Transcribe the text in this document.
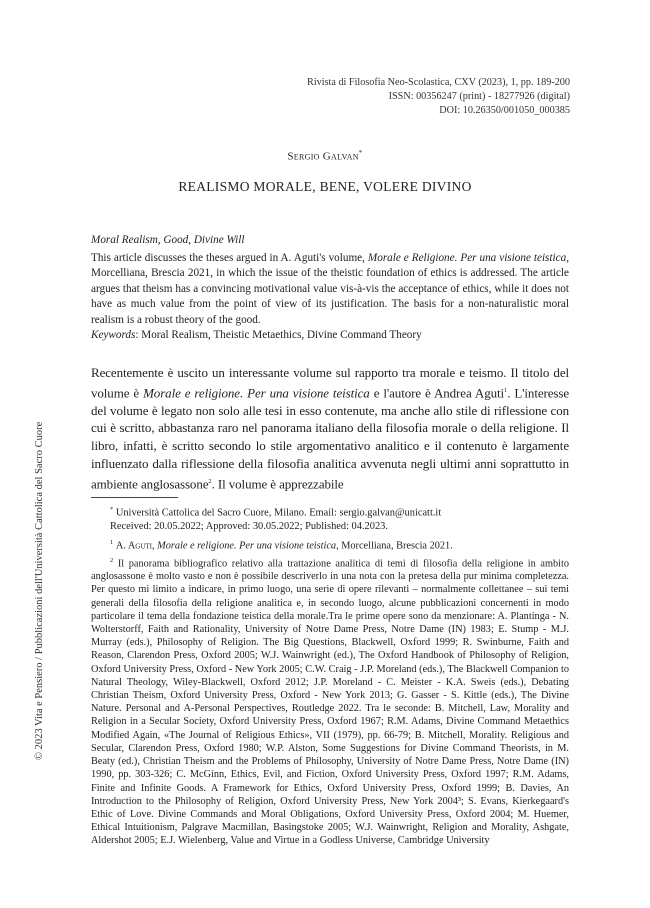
Rivista di Filosofia Neo-Scolastica, CXV (2023), 1, pp. 189-200
ISSN: 00356247 (print) - 18277926 (digital)
DOI: 10.26350/001050_000385
Sergio Galvan*
REALISMO MORALE, BENE, VOLERE DIVINO
Moral Realism, Good, Divine Will
This article discusses the theses argued in A. Aguti's volume, Morale e Religione. Per una visione teistica, Morcelliana, Brescia 2021, in which the issue of the theistic foundation of ethics is addressed. The article argues that theism has a convincing motivational value vis-à-vis the acceptance of ethics, while it does not have as much value from the point of view of its justification. The basis for a non-naturalistic moral realism is a robust theory of the good.
Keywords: Moral Realism, Theistic Metaethics, Divine Command Theory
Recentemente è uscito un interessante volume sul rapporto tra morale e teismo. Il titolo del volume è Morale e religione. Per una visione teistica e l'autore è Andrea Aguti$^1$. L'interesse del volume è legato non solo alle tesi in esso contenute, ma anche allo stile di riflessione con cui è scritto, abbastanza raro nel panorama italiano della filosofia morale o della religione. Il libro, infatti, è scritto secondo lo stile argomentativo analitico e il contenuto è largamente influenzato dalla riflessione della filosofia analitica avvenuta negli ultimi anni soprattutto in ambiente anglosassone$^2$. Il volume è apprezzabile
* Università Cattolica del Sacro Cuore, Milano. Email: sergio.galvan@unicatt.it
Received: 20.05.2022; Approved: 30.05.2022; Published: 04.2023.
$^1$ A. Aguti, Morale e religione. Per una visione teistica, Morcelliana, Brescia 2021.
$^2$ Il panorama bibliografico relativo alla trattazione analitica di temi di filosofia della religione in ambito anglosassone è molto vasto e non è possibile descriverlo in una nota con la pretesa della pur minima completezza. Per questo mi limito a indicare, in primo luogo, una serie di opere rilevanti – normalmente collettanee – sui temi generali della filosofia della religione analitica e, in secondo luogo, alcune pubblicazioni concernenti in modo particolare il tema della fondazione teistica della morale.Tra le prime opere sono da menzionare: A. Plantinga - N. Wolterstorff, Faith and Rationality, University of Notre Dame Press, Notre Dame (IN) 1983; E. Stump - M.J. Murray (eds.), Philosophy of Religion. The Big Questions, Blackwell, Oxford 1999; R. Swinburne, Faith and Reason, Clarendon Press, Oxford 2005; W.J. Wainwright (ed.), The Oxford Handbook of Philosophy of Religion, Oxford University Press, Oxford - New York 2005; C.W. Craig - J.P. Moreland (eds.), The Blackwell Companion to Natural Theology, Wiley-Blackwell, Oxford 2012; J.P. Moreland - C. Meister - K.A. Sweis (eds.), Debating Christian Theism, Oxford University Press, Oxford - New York 2013; G. Gasser - S. Kittle (eds.), The Divine Nature. Personal and A-Personal Perspectives, Routledge 2022. Tra le seconde: B. Mitchell, Law, Morality and Religion in a Secular Society, Oxford University Press, Oxford 1967; R.M. Adams, Divine Command Metaethics Modified Again, «The Journal of Religious Ethics», VII (1979), pp. 66-79; B. Mitchell, Morality. Religious and Secular, Clarendon Press, Oxford 1980; W.P. Alston, Some Suggestions for Divine Command Theorists, in M. Beaty (ed.), Christian Theism and the Problems of Philosophy, University of Notre Dame Press, Notre Dame (IN) 1990, pp. 303-326; C. McGinn, Ethics, Evil, and Fiction, Oxford University Press, Oxford 1997; R.M. Adams, Finite and Infinite Goods. A Framework for Ethics, Oxford University Press, Oxford 1999; B. Davies, An Introduction to the Philosophy of Religion, Oxford University Press, New York 2004³; S. Evans, Kierkegaard's Ethic of Love. Divine Commands and Moral Obligations, Oxford University Press, Oxford 2004; M. Huemer, Ethical Intuitionism, Palgrave Macmillan, Basingstoke 2005; W.J. Wainwright, Religion and Morality, Ashgate, Aldershot 2005; E.J. Wielenberg, Value and Virtue in a Godless Universe, Cambridge University
© 2023 Vita e Pensiero / Pubblicazioni dell'Università Cattolica del Sacro Cuore
